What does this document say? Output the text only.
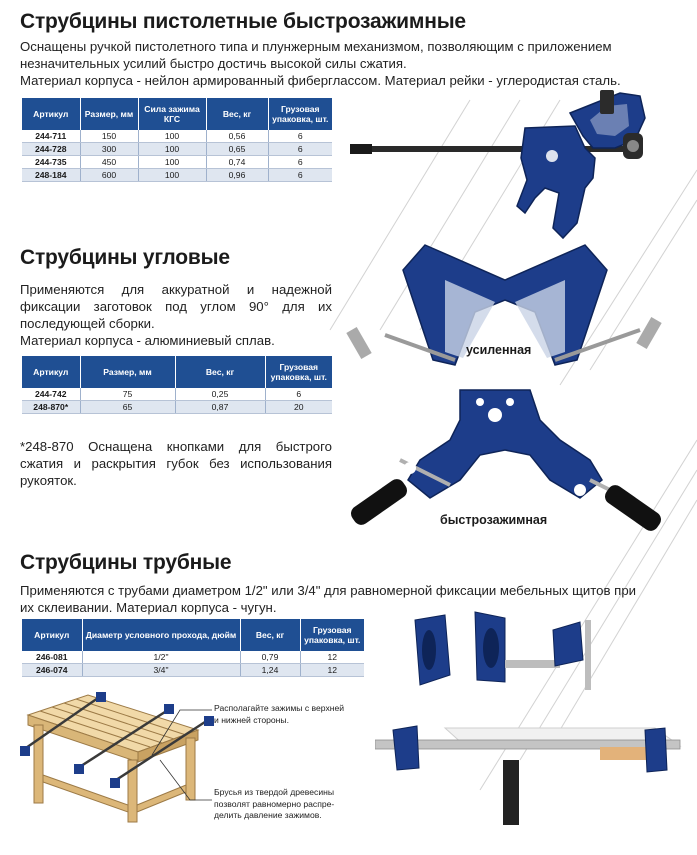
Струбцины пистолетные быстрозажимные
Оснащены ручкой пистолетного типа и плунжерным механизмом, позволяющим с приложением
незначительных усилий быстро достичь высокой силы сжатия.
Материал корпуса - нейлон армированный фиберглассом. Материал рейки - углеродистая сталь.
Артикул	Размер, мм	Сила зажима КГС	Вес, кг	Грузовая упаковка, шт.
244-711	150	100	0,56	6
244-728	300	100	0,65	6
244-735	450	100	0,74	6
248-184	600	100	0,96	6
Струбцины угловые
Применяются для аккуратной и надежной
фиксации заготовок под углом 90° для их
последующей сборки.
Материал корпуса - алюминиевый сплав.
Артикул	Размер, мм	Вес, кг	Грузовая упаковка, шт.
244-742	75	0,25	6
248-870*	65	0,87	20
*248-870 Оснащена кнопками для быстрого
сжатия и раскрытия губок без использования
рукояток.
усиленная
быстрозажимная
Струбцины трубные
Применяются с трубами диаметром 1/2" или 3/4" для равномерной фиксации мебельных щитов при
их склеивании. Материал корпуса - чугун.
Артикул	Диаметр условного прохода, дюйм	Вес, кг	Грузовая упаковка, шт.
246-081	1/2"	0,79	12
246-074	3/4"	1,24	12
Располагайте зажимы с верхней
и нижней стороны.
Брусья из твердой древесины
позволят равномерно распре-
делить давление зажимов.
